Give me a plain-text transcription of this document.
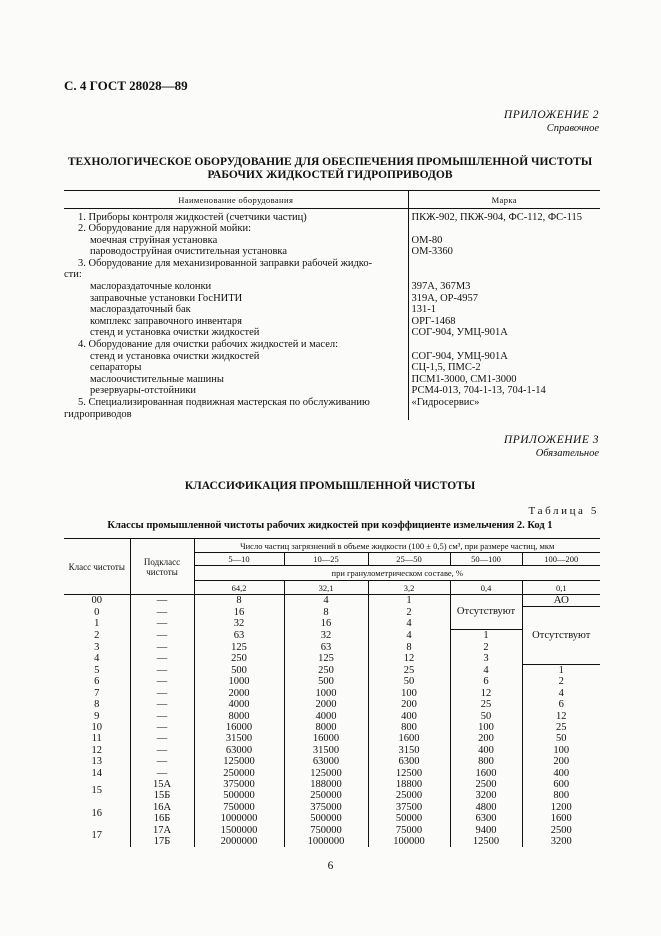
С. 4 ГОСТ 28028—89
ПРИЛОЖЕНИЕ 2
Справочное
ТЕХНОЛОГИЧЕСКОЕ ОБОРУДОВАНИЕ ДЛЯ ОБЕСПЕЧЕНИЯ ПРОМЫШЛЕННОЙ ЧИСТОТЫ
РАБОЧИХ ЖИДКОСТЕЙ ГИДРОПРИВОДОВ
Наименование оборудования	Марка

1. Приборы контроля жидкостей (счетчики частиц)	ПКЖ-902, ПКЖ-904, ФС-112, ФС-115
2. Оборудование для наружной мойки:	
моечная струйная установка	ОМ-80
пароводоструйная очистительная установка	ОМ-3360
3. Оборудование для механизированной заправки рабочей жидко-	
сти:	
маслораздаточные колонки	397А, 367М3
заправочные установки ГосНИТИ	319А, ОР-4957
маслораздаточный бак	131-1
комплекс заправочного инвентаря	ОРГ-1468
стенд и установка очистки жидкостей	СОГ-904, УМЦ-901А
4. Оборудование для очистки рабочих жидкостей и масел:	
стенд и установка очистки жидкостей	СОГ-904, УМЦ-901А
сепараторы	СЦ-1,5, ПМС-2
маслоочистительные машины	ПСМ1-3000, СМ1-3000
резервуары-отстойники	РСМ4-013, 704-1-13, 704-1-14
5. Специализированная подвижная мастерская по обслуживанию	«Гидросервис»
гидроприводов	
ПРИЛОЖЕНИЕ 3
Обязательное
КЛАССИФИКАЦИЯ ПРОМЫШЛЕННОЙ ЧИСТОТЫ
Таблица 5
Классы промышленной чистоты рабочих жидкостей при коэффициенте измельчения 2. Код 1
Класс чистоты	Подкласс чистоты	Число частиц загрязнений в объеме жидкости (100 ± 0,5) см³, при размере частиц, мкм				
		5—10	10—25	25—50	50—100	100—200
		при гранулометрическом составе, %				
		64,2	32,1	3,2	0,4	0,1
00	—	8	4	1	Отсутствуют	АО
0	—	16	8	2		Отсутствуют
1	—	32	16	4		
2	—	63	32	4	1	
3	—	125	63	8	2	
4	—	250	125	12	3	
5	—	500	250	25	4	1
6	—	1000	500	50	6	2
7	—	2000	1000	100	12	4
8	—	4000	2000	200	25	6
9	—	8000	4000	400	50	12
10	—	16000	8000	800	100	25
11	—	31500	16000	1600	200	50
12	—	63000	31500	3150	400	100
13	—	125000	63000	6300	800	200
14	—	250000	125000	12500	1600	400
15	15А	375000	188000	18800	2500	600
	15Б	500000	250000	25000	3200	800
16	16А	750000	375000	37500	4800	1200
	16Б	1000000	500000	50000	6300	1600
17	17А	1500000	750000	75000	9400	2500
	17Б	2000000	1000000	100000	12500	3200
6
